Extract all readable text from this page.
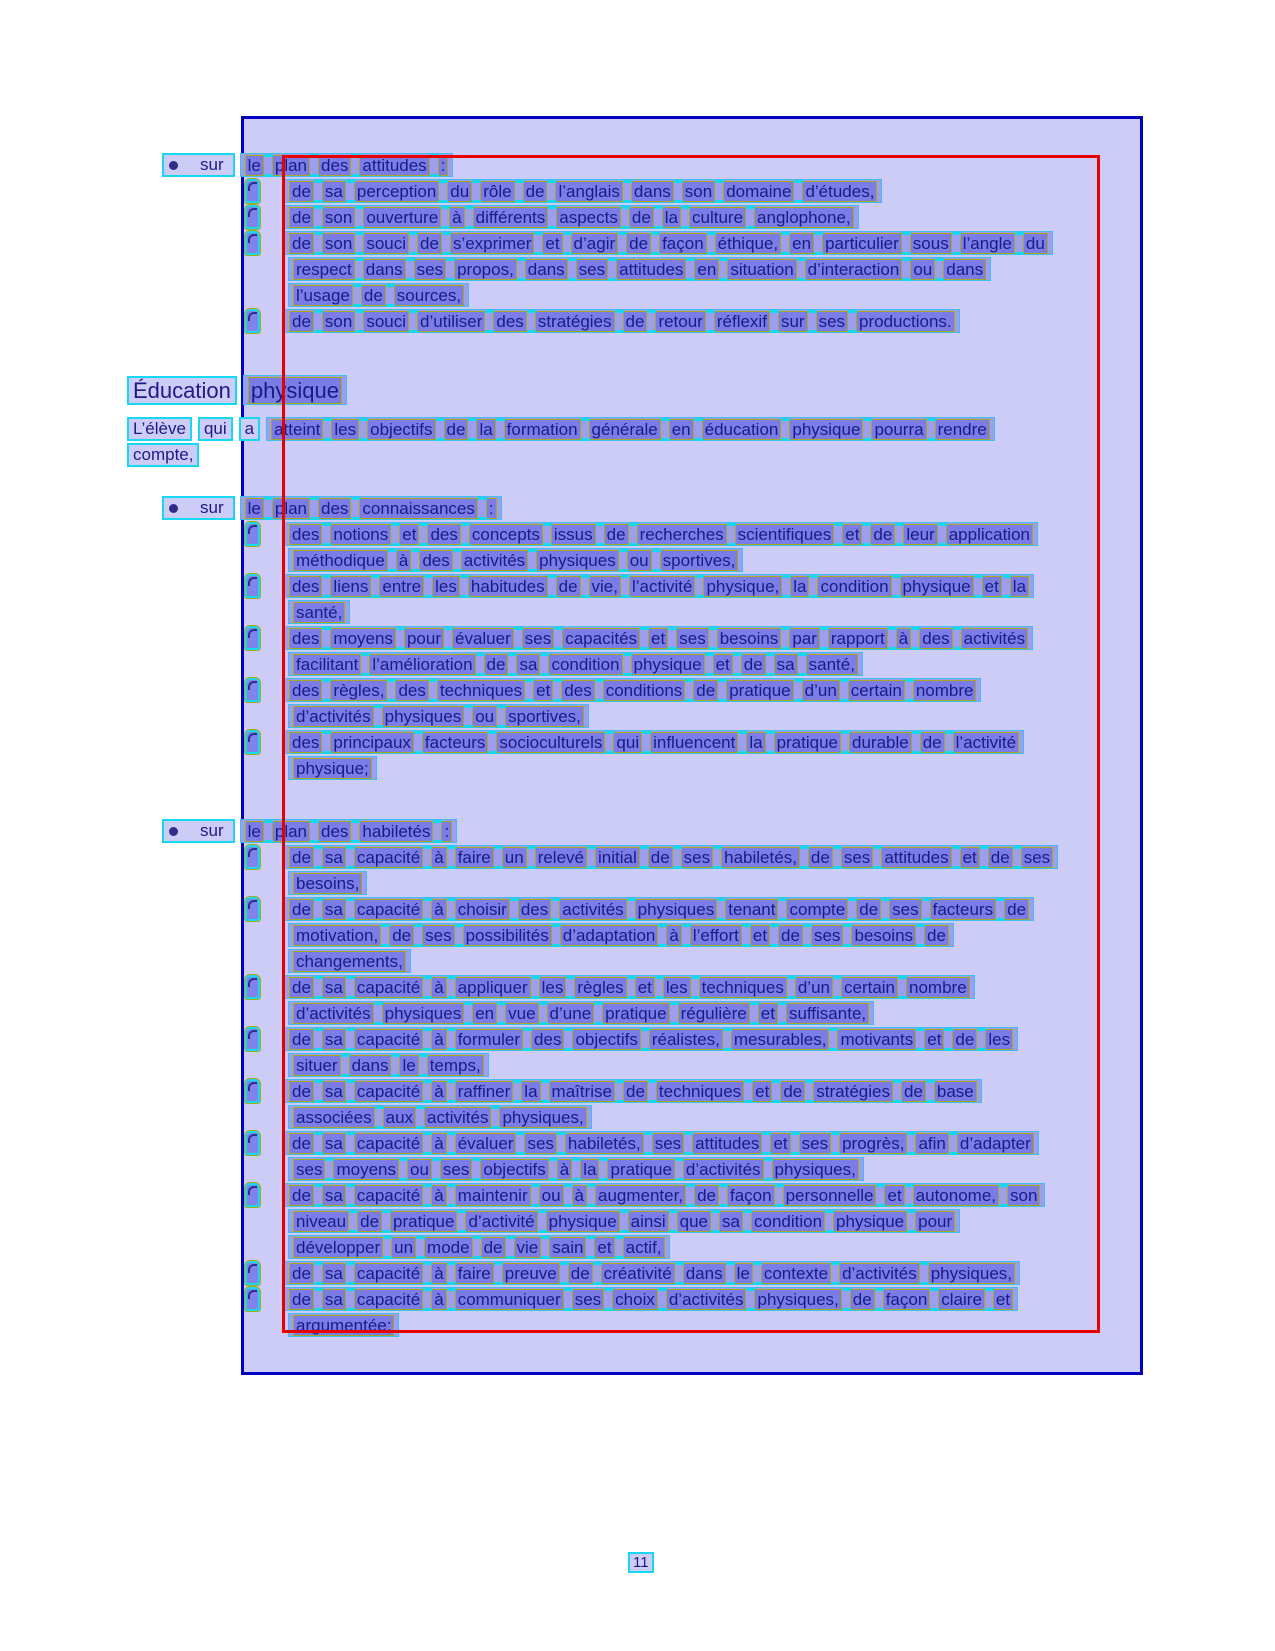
sur le plan des attitudes :
de sa perception du rôle de l’anglais dans son domaine d’études,
de son ouverture à différents aspects de la culture anglophone,
de son souci de s’exprimer et d’agir de façon éthique, en particulier sous l’angle du
respect dans ses propos, dans ses attitudes en situation d’interaction ou dans
l’usage de sources,
de son souci d’utiliser des stratégies de retour réflexif sur ses productions.
Éducation physique
L’élève	qui	a	atteint les objectifs de la formation générale en éducation physique pourra rendre
compte,
sur le plan des connaissances :
des notions et des concepts issus de recherches scientifiques et de leur application
méthodique à des activités physiques ou sportives,
des liens entre les habitudes de vie, l’activité physique, la condition physique et la
santé,
des moyens pour évaluer ses capacités et ses besoins par rapport à des activités
facilitant l’amélioration de sa condition physique et de sa santé,
des règles, des techniques et des conditions de pratique d’un certain nombre
d’activités physiques ou sportives,
des principaux facteurs socioculturels qui influencent la pratique durable de l’activité
physique;
sur le plan des habiletés :
de sa capacité à faire un relevé initial de ses habiletés, de ses attitudes et de ses
besoins,
de sa capacité à choisir des activités physiques tenant compte de ses facteurs de
motivation, de ses possibilités d’adaptation à l’effort et de ses besoins de
changements,
de sa capacité à appliquer les règles et les techniques d’un certain nombre
d’activités physiques en vue d’une pratique régulière et suffisante,
de sa capacité à formuler des objectifs réalistes, mesurables, motivants et de les
situer dans le temps,
de sa capacité à raffiner la maîtrise de techniques et de stratégies de base
associées aux activités physiques,
de sa capacité à évaluer ses habiletés, ses attitudes et ses progrès, afin d’adapter
ses moyens ou ses objectifs à la pratique d’activités physiques,
de sa capacité à maintenir ou à augmenter, de façon personnelle et autonome, son
niveau de pratique d’activité physique ainsi que sa condition physique pour
développer un mode de vie sain et actif,
de sa capacité à faire preuve de créativité dans le contexte d’activités physiques,
de sa capacité à communiquer ses choix d’activités physiques, de façon claire et
argumentée;
11
